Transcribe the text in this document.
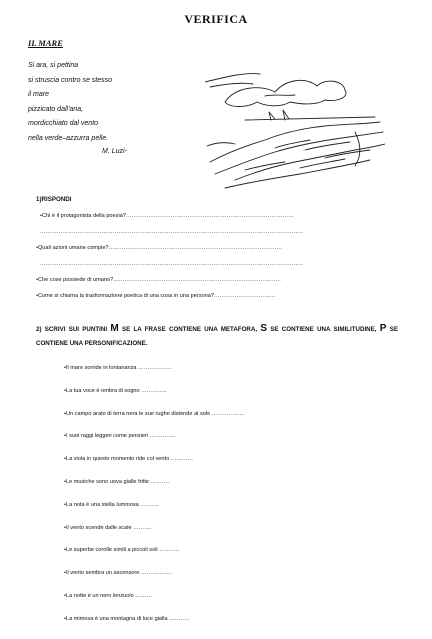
VERIFICA
IL MARE
Si ara, si pettina
si struscia contro se stesso
il mare
pizzicato dall'aria,
mordicchiato dal vento
nella verde–azzurra pelle.
M. Luzi-
1)RISPONDI
•Chi è il protagonista della poesia?………………………………………………………………………………
……………………………………………………………………………………………………………………………
•Quali azioni umane compie?…………………………………………………………………………………
……………………………………………………………………………………………………………………………
•Che cose possiede di umano?………………………………………………………………………………
•Come si chiama la trasformazione poetica di una cosa in una persona?……………………………
2) SCRIVI SUI PUNTINI M SE LA FRASE CONTIENE UNA METAFORA, S SE CONTIENE UNA SIMILITUDINE, P SE CONTIENE UNA PERSONIFICAZIONE.
•Il mare sorride in lontananza ………………
•La tua voce è ombra di sogno …………..
•Un campo arato di terra nera le sue rughe distende al sole ……………...
•I suoi raggi leggeri come pensieri …………..
•La viola in questo momento ride col vento …………
•Le musiche sono uova gialle fritte ……….
•La nota è una stella luminosa ……….
•Il vento scende dalle scale ……….
•Le superbe corolle simili a piccoli soli ………..
•Il vento sembra un ascensore ……………..
•La notte è un nero lenzuolo ………
•La mimosa è una montagna di luce gialla ………..
